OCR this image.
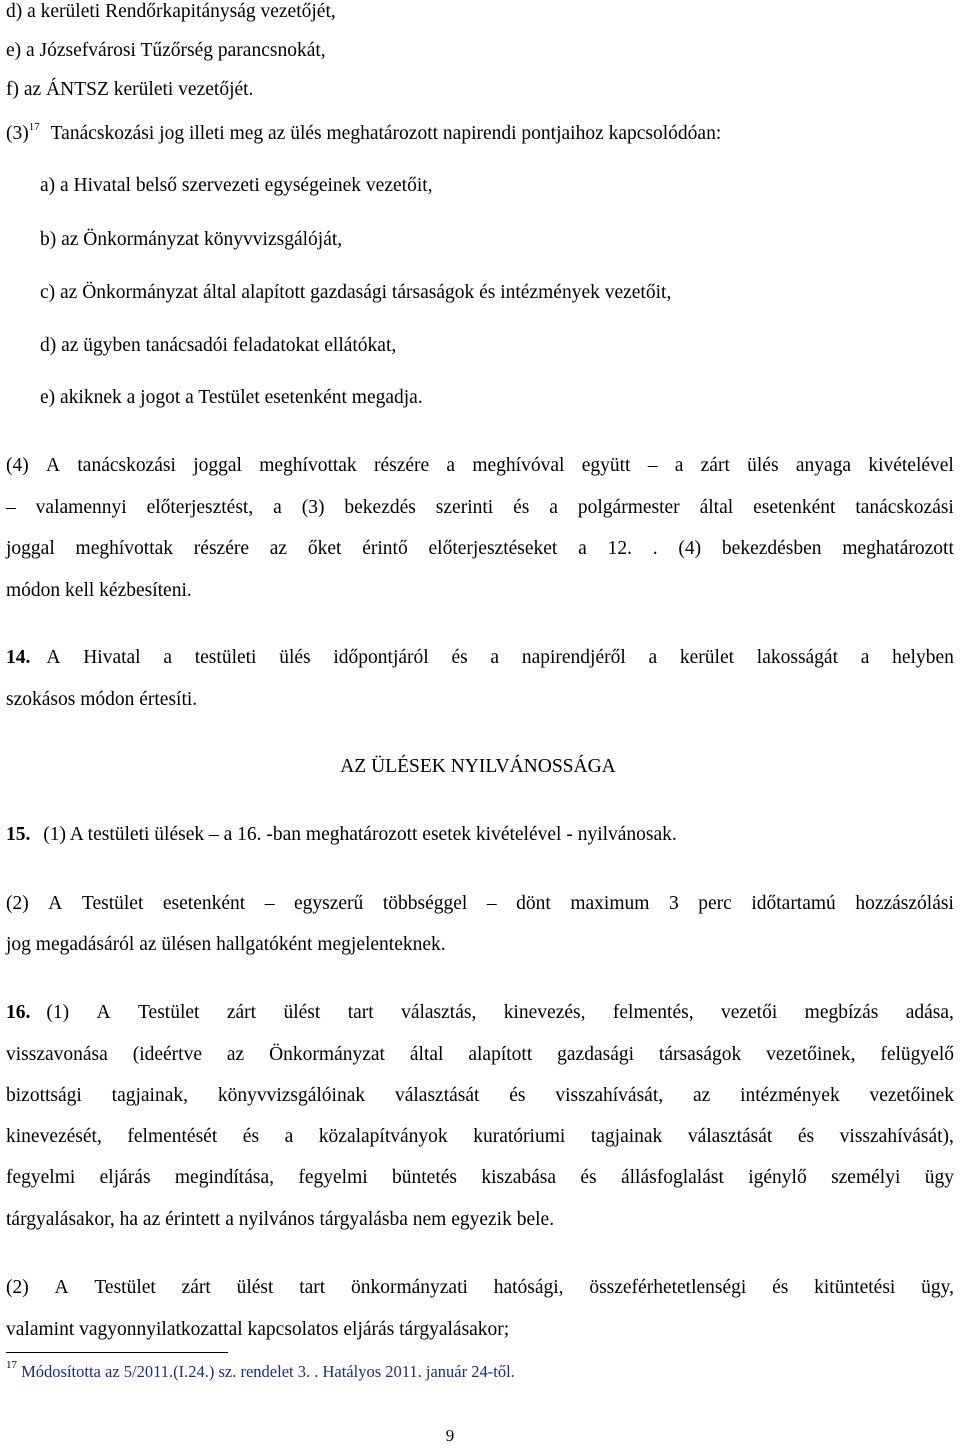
d) a kerületi Rendőrkapitányság vezetőjét,
e) a Józsefvárosi Tűzőrség parancsnokát,
f) az ÁNTSZ kerületi vezetőjét.
$(3)^{17}$ Tanácskozási jog illeti meg az ülés meghatározott napirendi pontjaihoz kapcsolódóan:
a) a Hivatal belső szervezeti egységeinek vezetőit,
b) az Önkormányzat könyvvizsgálóját,
c) az Önkormányzat által alapított gazdasági társaságok és intézmények vezetőit,
d) az ügyben tanácsadói feladatokat ellátókat,
e) akiknek a jogot a Testület esetenként megadja.
(4) A tanácskozási joggal meghívottak részére a meghívóval együtt – a zárt ülés anyaga kivételével
– valamennyi előterjesztést, a (3) bekezdés szerinti és a polgármester által esetenként tanácskozási
joggal meghívottak részére az őket érintő előterjesztéseket a 12. . (4) bekezdésben meghatározott
módon kell kézbesíteni.
14. A Hivatal a testületi ülés időpontjáról és a napirendjéről a kerület lakosságát a helyben
szokásos módon értesíti.
AZ ÜLÉSEK NYILVÁNOSSÁGA
15. (1) A testületi ülések – a 16. -ban meghatározott esetek kivételével - nyilvánosak.
(2) A Testület esetenként – egyszerű többséggel – dönt maximum 3 perc időtartamú hozzászólási
jog megadásáról az ülésen hallgatóként megjelenteknek.
16. (1) A Testület zárt ülést tart választás, kinevezés, felmentés, vezetői megbízás adása,
visszavonása (ideértve az Önkormányzat által alapított gazdasági társaságok vezetőinek, felügyelő
bizottsági tagjainak, könyvvizsgálóinak választását és visszahívását, az intézmények vezetőinek
kinevezését, felmentését és a közalapítványok kuratóriumi tagjainak választását és visszahívását),
fegyelmi eljárás megindítása, fegyelmi büntetés kiszabása és állásfoglalást igénylő személyi ügy
tárgyalásakor, ha az érintett a nyilvános tárgyalásba nem egyezik bele.
(2) A Testület zárt ülést tart önkormányzati hatósági, összeférhetetlenségi és kitüntetési ügy,
valamint vagyonnyilatkozattal kapcsolatos eljárás tárgyalásakor;
$^{17}$ Módosította az 5/2011.(I.24.) sz. rendelet 3. . Hatályos 2011. január 24-től.
9
